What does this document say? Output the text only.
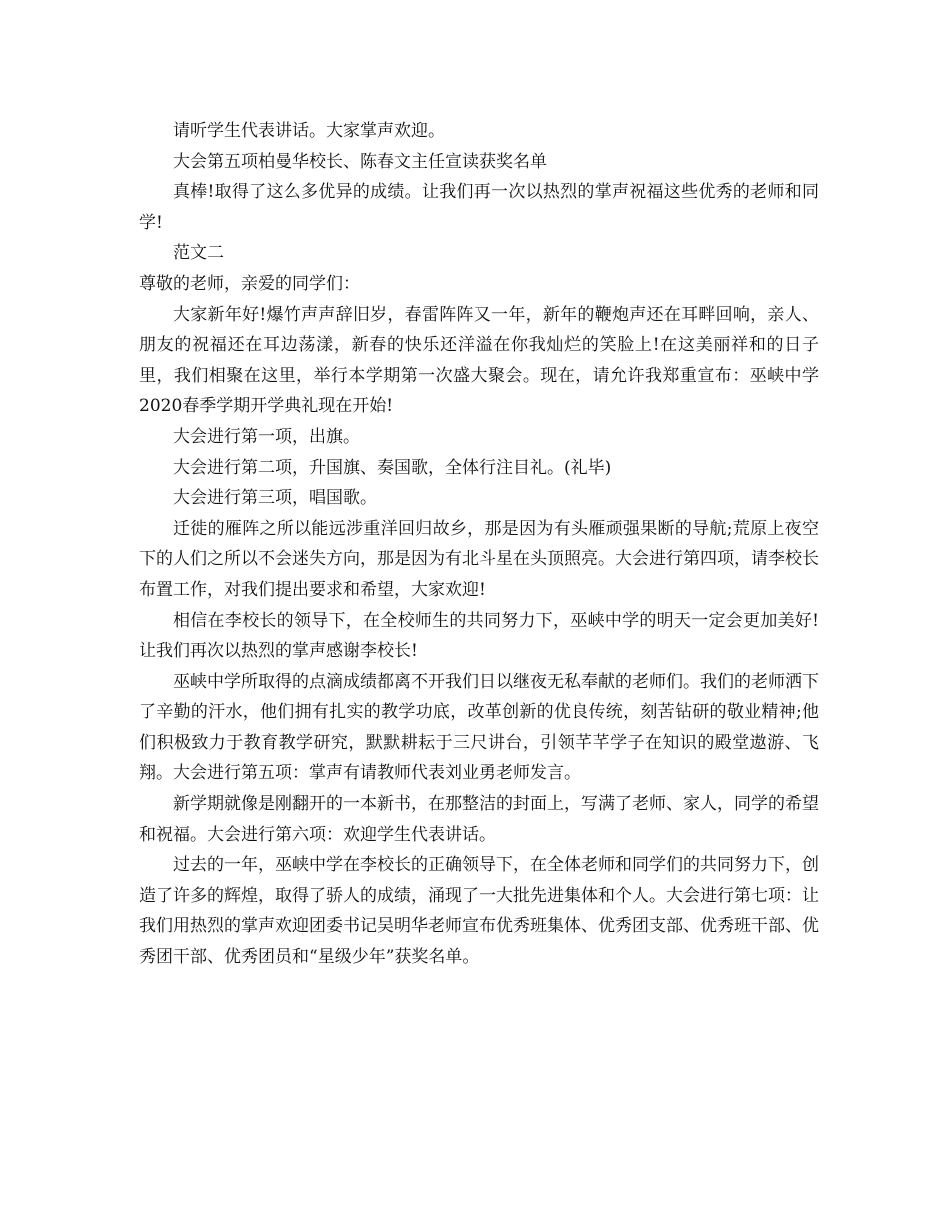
请听学生代表讲话。大家掌声欢迎。

大会第五项柏曼华校长、陈春文主任宣读获奖名单

真棒!取得了这么多优异的成绩。让我们再一次以热烈的掌声祝福这些优秀的老师和同学!

范文二

尊敬的老师，亲爱的同学们：

大家新年好!爆竹声声辞旧岁，春雷阵阵又一年，新年的鞭炮声还在耳畔回响，亲人、朋友的祝福还在耳边荡漾，新春的快乐还洋溢在你我灿烂的笑脸上!在这美丽祥和的日子里，我们相聚在这里，举行本学期第一次盛大聚会。现在，请允许我郑重宣布：巫峡中学2020春季学期开学典礼现在开始!

大会进行第一项，出旗。

大会进行第二项，升国旗、奏国歌，全体行注目礼。(礼毕)

大会进行第三项，唱国歌。

迁徙的雁阵之所以能远涉重洋回归故乡，那是因为有头雁顽强果断的导航;荒原上夜空下的人们之所以不会迷失方向，那是因为有北斗星在头顶照亮。大会进行第四项，请李校长布置工作，对我们提出要求和希望，大家欢迎!

相信在李校长的领导下，在全校师生的共同努力下，巫峡中学的明天一定会更加美好!让我们再次以热烈的掌声感谢李校长!

巫峡中学所取得的点滴成绩都离不开我们日以继夜无私奉献的老师们。我们的老师洒下了辛勤的汗水，他们拥有扎实的教学功底，改革创新的优良传统，刻苦钻研的敬业精神;他们积极致力于教育教学研究，默默耕耘于三尺讲台，引领芊芊学子在知识的殿堂遨游、飞翔。大会进行第五项：掌声有请教师代表刘业勇老师发言。

新学期就像是刚翻开的一本新书，在那整洁的封面上，写满了老师、家人，同学的希望和祝福。大会进行第六项：欢迎学生代表讲话。

过去的一年，巫峡中学在李校长的正确领导下，在全体老师和同学们的共同努力下，创造了许多的辉煌，取得了骄人的成绩，涌现了一大批先进集体和个人。大会进行第七项：让我们用热烈的掌声欢迎团委书记吴明华老师宣布优秀班集体、优秀团支部、优秀班干部、优秀团干部、优秀团员和“星级少年”获奖名单。
